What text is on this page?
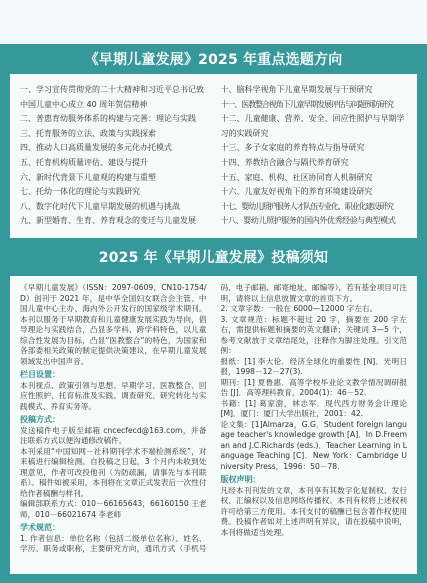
《早期儿童发展》2025 年重点选题方向
一、学习宣传贯彻党的二十大精神和习近平总书记致中国儿童中心成立 40 周年贺信精神
二、普惠育幼服务体系的构建与完善：理论与实践
三、托育服务的立法、政策与实践探索
四、推动人口高质量发展的多元化办托模式
五、托育机构质量评估、建设与提升
六、新时代背景下儿童观的构建与重塑
七、托幼一体化的理论与实践研究
八、数字化时代下儿童早期发展的机遇与挑战
九、新型婚育、生育、养育观念的变迁与儿童发展
十、脑科学视角下儿童早期发展与干预研究
十一、医教整合视角下儿童早期发展评估与问题预防研究
十二、儿童健康、营养、安全、回应性照护与早期学习的实践研究
十三、多子女家庭的养育特点与指导研究
十四、养教结合融合与隔代养育研究
十五、家庭、机构、社区协同育人机制研究
十六、儿童友好视角下的养育环境建设研究
十七、婴幼儿照护服务人才队伍专业化、职业化建设研究
十八、婴幼儿照护服务的国内外优秀经验与典型模式
2025 年《早期儿童发展》投稿须知

《早期儿童发展》（ISSN：2097-0609，CN10-1754/D）创刊于 2021 年，是中华全国妇女联合会主管、中国儿童中心主办、海内外公开发行的国家级学术期刊。本刊以服务于早期教育和儿童健康发展实践为导向，倡导理论与实践结合，凸显多学科、跨学科特色，以儿童综合性发展为目标，凸显“医教整合”的特色，为国家和各部委相关政策的制定提供决策建议，在早期儿童发展领域发出中国声音。

栏目设置：

本刊视点、政策引领与思想、早期学习、医教整合、回应性照护、托育标准及实践、调查研究、研究转化与实践模式、养育实务等。

投稿方式：

发送稿件电子版至邮箱 cncecfecd@163.com，并备注联系方式以便沟通修改稿件。

本刊采用“中国知网－社科期刊学术不端检测系统”，对来稿进行编辑检测。自投稿之日起，3 个月内未收到处理意见，作者可改投他刊（为防疏漏，请事先与本刊联系）。稿件如被采用，本刊将在文章正式发表后一次性付给作者稿酬与样刊。

编辑部联系方式：010－66165643，66160150 王老师，010－66021674 李老师

学术规范：

1. 作者信息：单位名称（包括二级单位名称）、姓名、学历、职务或职称，主要研究方向，通讯方式（手机号码、电子邮箱、邮寄地址、邮编等），若有基金项目可注明，请将以上信息放置文章的首页下方。

2. 文章字数：一般在 6000—12000 字左右。

3. 文章规范：标题不超过 20 字，摘要在 200 字左右，需提供标题和摘要的英文翻译；关键词 3—5 个，参考文献放于文章结尾处，注释作为脚注处理。引文范例：

报纸：[1] 李大伦．经济全球化的重要性 [N]．光明日报，1998－12－27(3).

期刊：[1] 夏鲁惠．高等学校毕业论文教学情况调研报告 [J]．高等理科教育，2004(1)：46－52.

书籍：[1] 葛家澍，林志军．现代西方财务会计理论 [M]．厦门：厦门大学出版社，2001：42.

论文集：[1]Almarza，G.G．Student foreign language teacher's knowledge growth [A]．In D.Freeman and J.C.Richards (eds.)．Teacher Learning in Language Teaching [C]．New York：Cambridge University Press，1996：50－78.

版权声明：

凡经本刊刊发的文章，本刊享有其数字化复制权、发行权、汇编权以及信息网络传播权。本刊有权将上述权利许可给第三方使用。本刊支付的稿酬已包含著作权使用费。投稿作者如对上述声明有异议，请在投稿中说明，本刊将做适当处理。
